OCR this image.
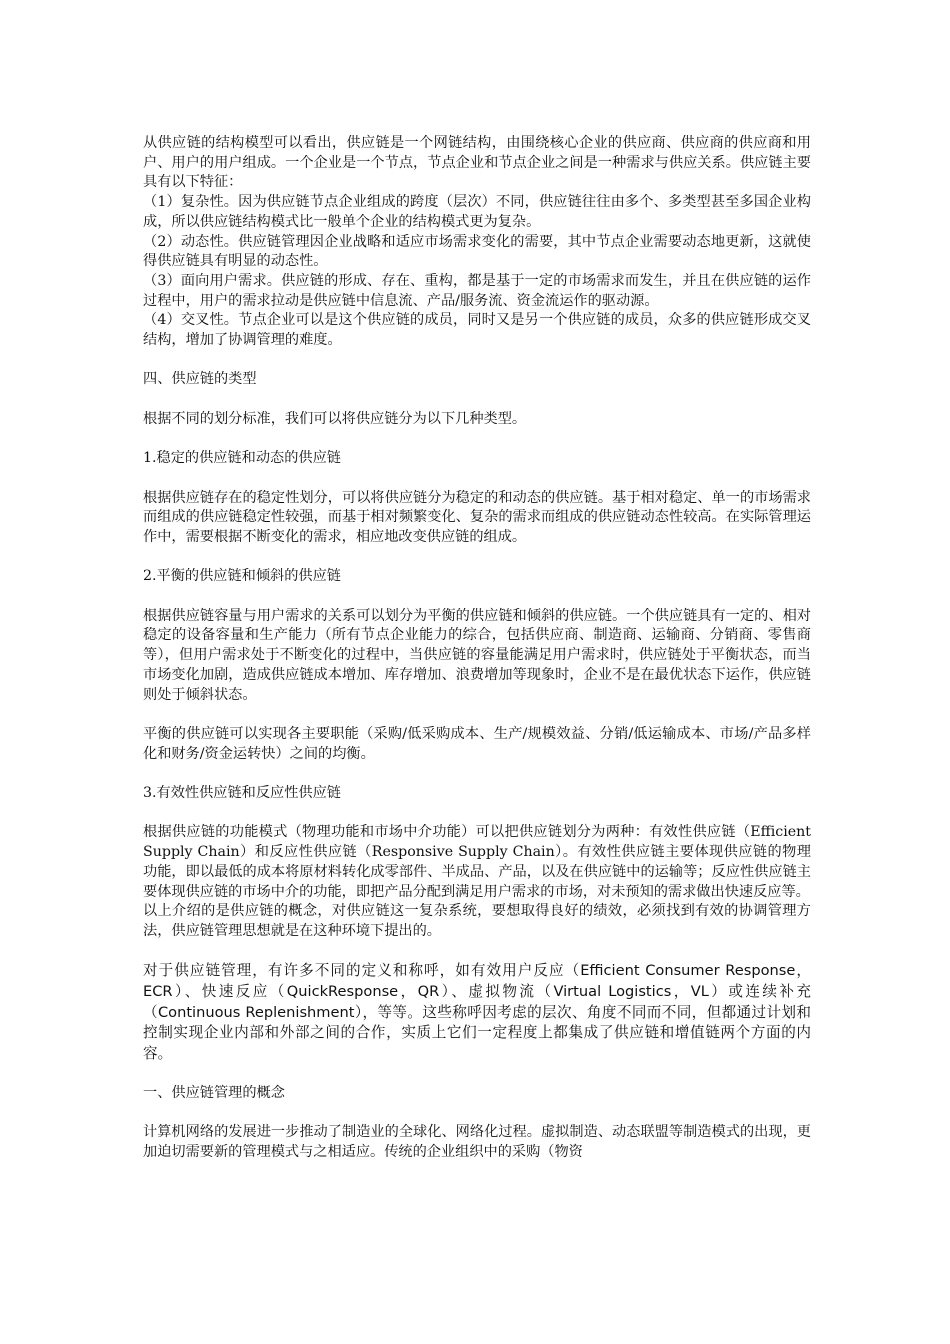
从供应链的结构模型可以看出，供应链是一个网链结构，由围绕核心企业的供应商、供应商的供应商和用户、用户的用户组成。一个企业是一个节点，节点企业和节点企业之间是一种需求与供应关系。供应链主要具有以下特征：

（1）复杂性。因为供应链节点企业组成的跨度（层次）不同，供应链往往由多个、多类型甚至多国企业构成，所以供应链结构模式比一般单个企业的结构模式更为复杂。

（2）动态性。供应链管理因企业战略和适应市场需求变化的需要，其中节点企业需要动态地更新，这就使得供应链具有明显的动态性。

（3）面向用户需求。供应链的形成、存在、重构，都是基于一定的市场需求而发生，并且在供应链的运作过程中，用户的需求拉动是供应链中信息流、产品/服务流、资金流运作的驱动源。

（4）交叉性。节点企业可以是这个供应链的成员，同时又是另一个供应链的成员，众多的供应链形成交叉结构，增加了协调管理的难度。

四、供应链的类型

根据不同的划分标准，我们可以将供应链分为以下几种类型。

1.稳定的供应链和动态的供应链

根据供应链存在的稳定性划分，可以将供应链分为稳定的和动态的供应链。基于相对稳定、单一的市场需求而组成的供应链稳定性较强，而基于相对频繁变化、复杂的需求而组成的供应链动态性较高。在实际管理运作中，需要根据不断变化的需求，相应地改变供应链的组成。

2.平衡的供应链和倾斜的供应链

根据供应链容量与用户需求的关系可以划分为平衡的供应链和倾斜的供应链。一个供应链具有一定的、相对稳定的设备容量和生产能力（所有节点企业能力的综合，包括供应商、制造商、运输商、分销商、零售商等），但用户需求处于不断变化的过程中，当供应链的容量能满足用户需求时，供应链处于平衡状态，而当市场变化加剧，造成供应链成本增加、库存增加、浪费增加等现象时，企业不是在最优状态下运作，供应链则处于倾斜状态。

平衡的供应链可以实现各主要职能（采购/低采购成本、生产/规模效益、分销/低运输成本、市场/产品多样化和财务/资金运转快）之间的均衡。

3.有效性供应链和反应性供应链

根据供应链的功能模式（物理功能和市场中介功能）可以把供应链划分为两种：有效性供应链（Efficient Supply Chain）和反应性供应链（Responsive Supply Chain）。有效性供应链主要体现供应链的物理功能，即以最低的成本将原材料转化成零部件、半成品、产品，以及在供应链中的运输等；反应性供应链主要体现供应链的市场中介的功能，即把产品分配到满足用户需求的市场，对未预知的需求做出快速反应等。

以上介绍的是供应链的概念，对供应链这一复杂系统，要想取得良好的绩效，必须找到有效的协调管理方法，供应链管理思想就是在这种环境下提出的。

对于供应链管理，有许多不同的定义和称呼，如有效用户反应（Efficient Consumer Response，ECR）、快速反应（QuickResponse，QR）、虚拟物流（Virtual Logistics，VL）或连续补充（Continuous Replenishment），等等。这些称呼因考虑的层次、角度不同而不同，但都通过计划和控制实现企业内部和外部之间的合作，实质上它们一定程度上都集成了供应链和增值链两个方面的内容。

一、供应链管理的概念

计算机网络的发展进一步推动了制造业的全球化、网络化过程。虚拟制造、动态联盟等制造模式的出现，更加迫切需要新的管理模式与之相适应。传统的企业组织中的采购（物资
